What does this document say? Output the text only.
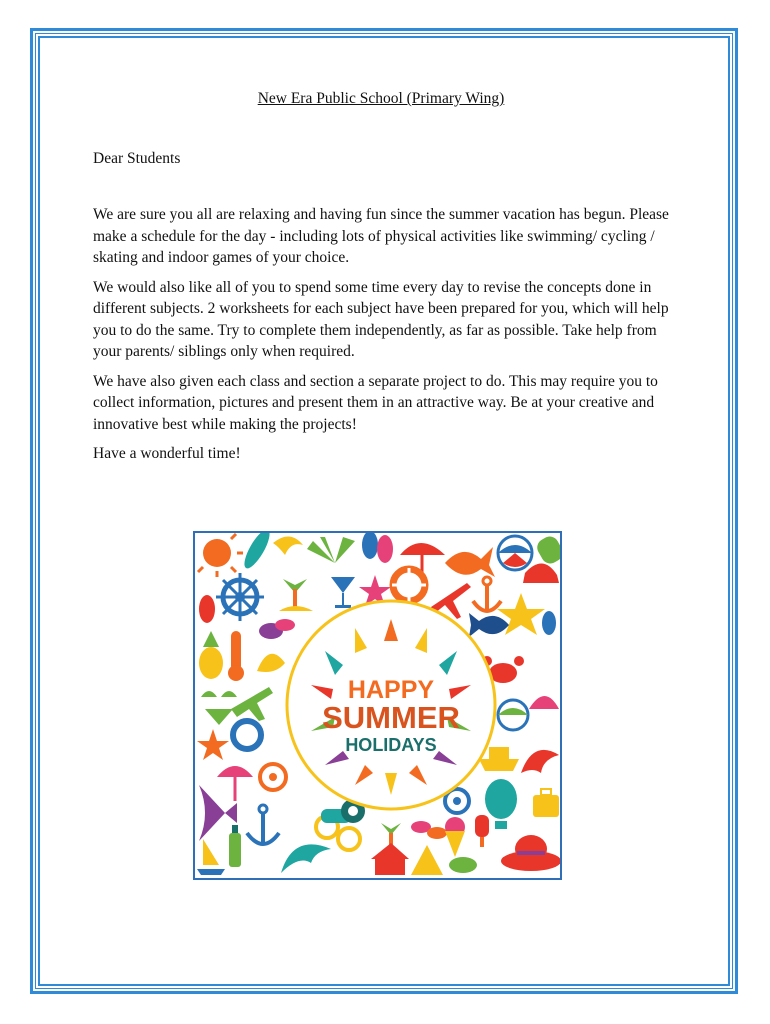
New Era Public School (Primary Wing)
Dear Students

We are sure you all are relaxing and having fun since the summer vacation has begun. Please make a schedule for the day - including lots of physical activities like swimming/ cycling / skating and indoor games of your choice.

We would also like all of you to spend some time every day to revise the concepts done in different subjects. 2 worksheets for each subject have been prepared for you, which will help you to do the same. Try to complete them independently, as far as possible. Take help from your parents/ siblings only when required.

We have also given each class and section a separate project to do. This may require you to collect information, pictures and present them in an attractive way. Be at your creative and innovative best while making the projects!

Have a wonderful time!

HAPPY
SUMMER
HOLIDAYS
